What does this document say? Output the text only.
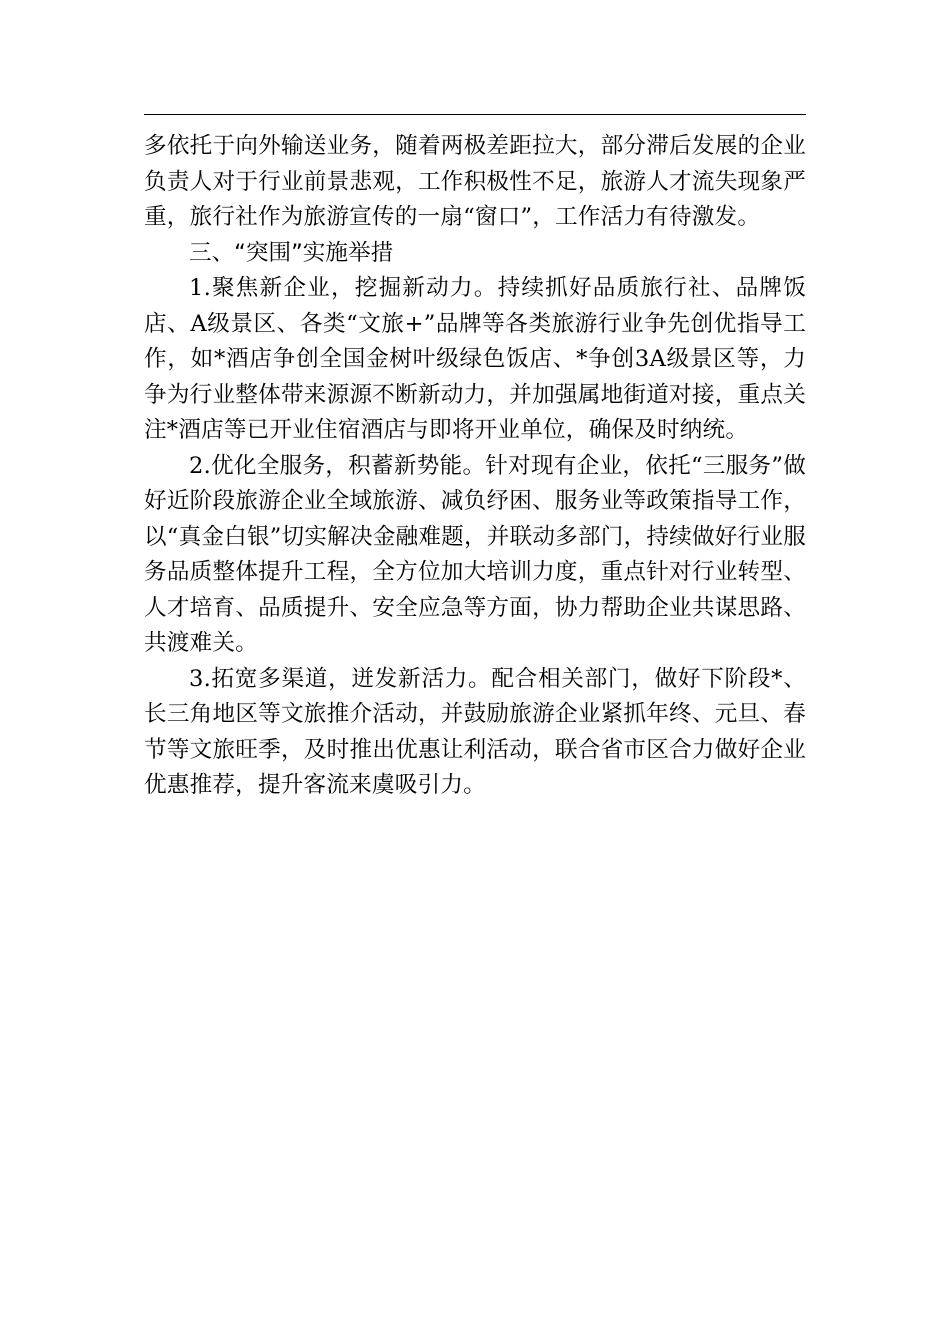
多依托于向外输送业务，随着两极差距拉大，部分滞后发展的企业负责人对于行业前景悲观，工作积极性不足，旅游人才流失现象严重，旅行社作为旅游宣传的一扇“窗口”，工作活力有待激发。

三、“突围”实施举措

1.聚焦新企业，挖掘新动力。持续抓好品质旅行社、品牌饭店、A级景区、各类“文旅+”品牌等各类旅游行业争先创优指导工作，如*酒店争创全国金树叶级绿色饭店、*争创3A级景区等，力争为行业整体带来源源不断新动力，并加强属地街道对接，重点关注*酒店等已开业住宿酒店与即将开业单位，确保及时纳统。

2.优化全服务，积蓄新势能。针对现有企业，依托“三服务”做好近阶段旅游企业全域旅游、减负纾困、服务业等政策指导工作，以“真金白银”切实解决金融难题，并联动多部门，持续做好行业服务品质整体提升工程，全方位加大培训力度，重点针对行业转型、人才培育、品质提升、安全应急等方面，协力帮助企业共谋思路、共渡难关。

3.拓宽多渠道，迸发新活力。配合相关部门，做好下阶段*、长三角地区等文旅推介活动，并鼓励旅游企业紧抓年终、元旦、春节等文旅旺季，及时推出优惠让利活动，联合省市区合力做好企业优惠推荐，提升客流来虞吸引力。
